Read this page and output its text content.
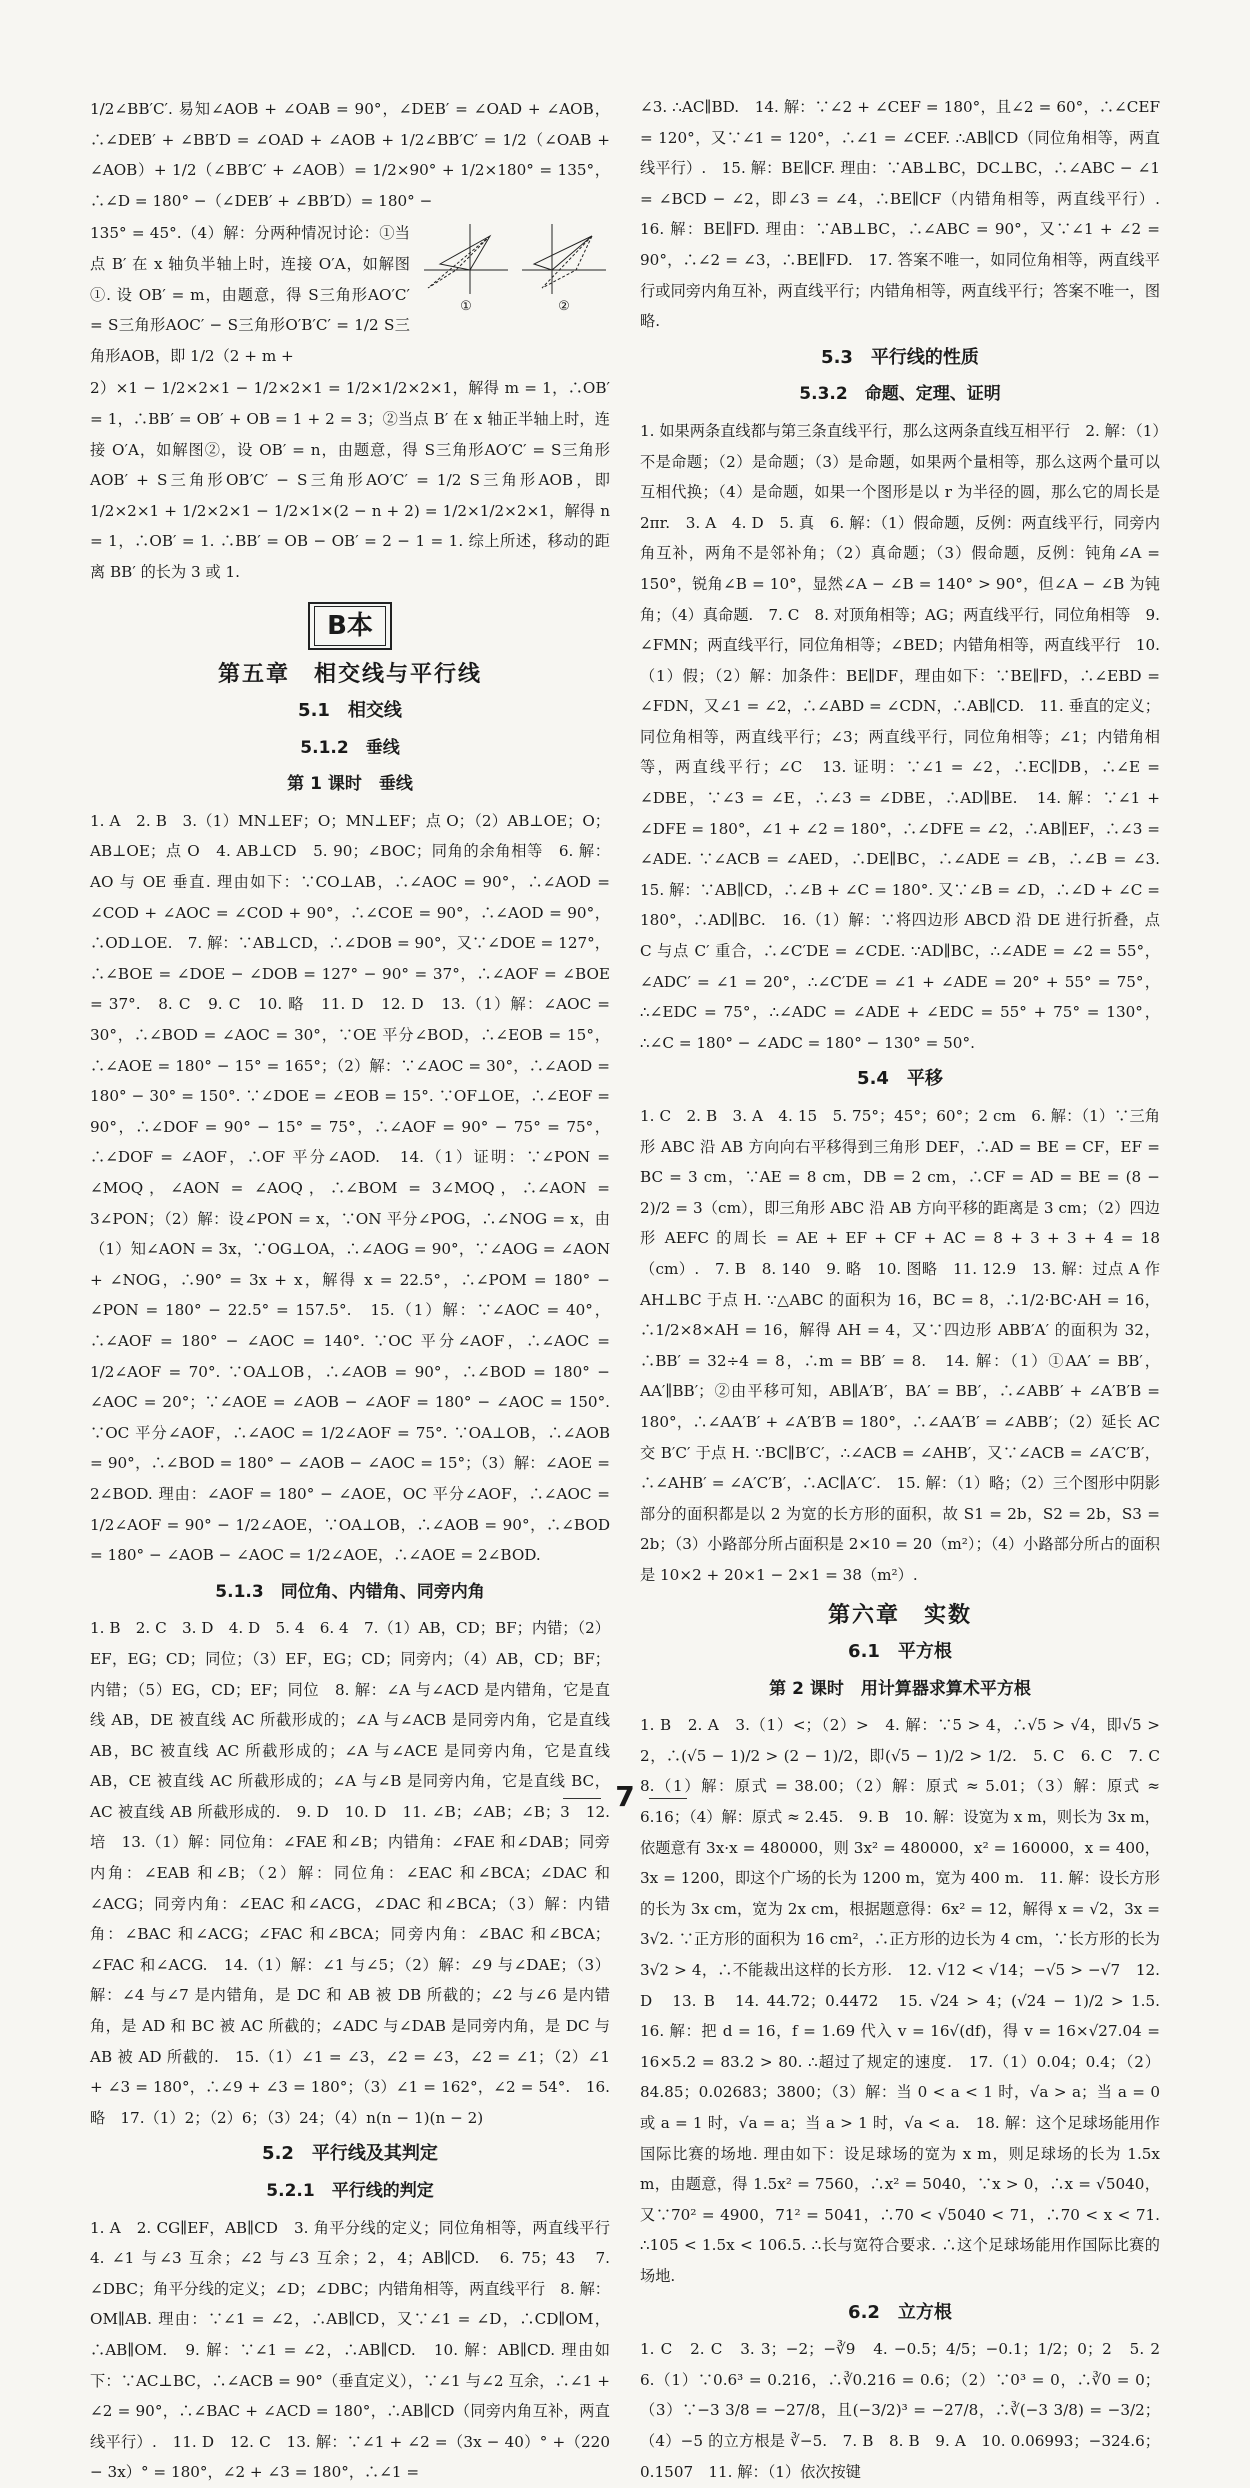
1/2∠BB′C′. 易知∠AOB + ∠OAB = 90°，∠DEB′ = ∠OAD + ∠AOB，∴∠DEB′ + ∠BB′D = ∠OAD + ∠AOB + 1/2∠BB′C′ = 1/2（∠OAB + ∠AOB）+ 1/2（∠BB′C′ + ∠AOB）= 1/2×90° + 1/2×180° = 135°，∴∠D = 180° −（∠DEB′ + ∠BB′D）= 180° −

135° = 45°.（4）解：分两种情况讨论：①当点 B′ 在 x 轴负半轴上时，连接 O′A，如解图①. 设 OB′ = m，由题意，得 S三角形AO′C′ = S三角形AOC′ − S三角形O′B′C′ = 1/2 S三角形AOB，即 1/2（2 + m +

①	②

2）×1 − 1/2×2×1 − 1/2×2×1 = 1/2×1/2×2×1，解得 m = 1，∴OB′ = 1，∴BB′ = OB′ + OB = 1 + 2 = 3；②当点 B′ 在 x 轴正半轴上时，连接 O′A，如解图②，设 OB′ = n，由题意，得 S三角形AO′C′ = S三角形AOB′ + S三角形OB′C′ − S三角形AO′C′ = 1/2 S三角形AOB，即 1/2×2×1 + 1/2×2×1 − 1/2×1×(2 − n + 2) = 1/2×1/2×2×1，解得 n = 1，∴OB′ = 1. ∴BB′ = OB − OB′ = 2 − 1 = 1. 综上所述，移动的距离 BB′ 的长为 3 或 1.

B本
第五章　相交线与平行线
5.1　相交线
5.1.2　垂线
第 1 课时　垂线

1. A　2. B　3.（1）MN⊥EF；O；MN⊥EF；点 O；（2）AB⊥OE；O；AB⊥OE；点 O　4. AB⊥CD　5. 90；∠BOC；同角的余角相等　6. 解：AO 与 OE 垂直. 理由如下：∵CO⊥AB，∴∠AOC = 90°，∴∠AOD = ∠COD + ∠AOC = ∠COD + 90°，∴∠COE = 90°，∴∠AOD = 90°，∴OD⊥OE.　7. 解：∵AB⊥CD，∴∠DOB = 90°，又∵∠DOE = 127°，∴∠BOE = ∠DOE − ∠DOB = 127° − 90° = 37°，∴∠AOF = ∠BOE = 37°.　8. C　9. C　10. 略　11. D　12. D　13.（1）解：∠AOC = 30°，∴∠BOD = ∠AOC = 30°，∵OE 平分∠BOD，∴∠EOB = 15°，∴∠AOE = 180° − 15° = 165°；（2）解：∵∠AOC = 30°，∴∠AOD = 180° − 30° = 150°. ∵∠DOE = ∠EOB = 15°. ∵OF⊥OE，∴∠EOF = 90°，∴∠DOF = 90° − 15° = 75°，∴∠AOF = 90° − 75° = 75°，∴∠DOF = ∠AOF，∴OF 平分∠AOD.　14.（1）证明：∵∠PON = ∠MOQ，∠AON = ∠AOQ，∴∠BOM = 3∠MOQ，∴∠AON = 3∠PON；（2）解：设∠PON = x，∵ON 平分∠POG，∴∠NOG = x，由（1）知∠AON = 3x，∵OG⊥OA，∴∠AOG = 90°，∵∠AOG = ∠AON + ∠NOG，∴90° = 3x + x，解得 x = 22.5°，∴∠POM = 180° − ∠PON = 180° − 22.5° = 157.5°.　15.（1）解：∵∠AOC = 40°，∴∠AOF = 180° − ∠AOC = 140°. ∵OC 平分∠AOF，∴∠AOC = 1/2∠AOF = 70°. ∵OA⊥OB，∴∠AOB = 90°，∴∠BOD = 180° − ∠AOC = 20°；∵∠AOE = ∠AOB − ∠AOF = 180° − ∠AOC = 150°. ∵OC 平分∠AOF，∴∠AOC = 1/2∠AOF = 75°. ∵OA⊥OB，∴∠AOB = 90°，∴∠BOD = 180° − ∠AOB − ∠AOC = 15°；（3）解：∠AOE = 2∠BOD. 理由：∠AOF = 180° − ∠AOE，OC 平分∠AOF，∴∠AOC = 1/2∠AOF = 90° − 1/2∠AOE，∵OA⊥OB，∴∠AOB = 90°，∴∠BOD = 180° − ∠AOB − ∠AOC = 1/2∠AOE，∴∠AOE = 2∠BOD.

5.1.3　同位角、内错角、同旁内角

1. B　2. C　3. D　4. D　5. 4　6. 4　7.（1）AB，CD；BF；内错；（2）EF，EG；CD；同位；（3）EF，EG；CD；同旁内；（4）AB，CD；BF；内错；（5）EG，CD；EF；同位　8. 解：∠A 与∠ACD 是内错角，它是直线 AB，DE 被直线 AC 所截形成的；∠A 与∠ACB 是同旁内角，它是直线 AB，BC 被直线 AC 所截形成的；∠A 与∠ACE 是同旁内角，它是直线 AB，CE 被直线 AC 所截形成的；∠A 与∠B 是同旁内角，它是直线 BC，AC 被直线 AB 所截形成的.　9. D　10. D　11. ∠B；∠AB；∠B；3　12. 培　13.（1）解：同位角：∠FAE 和∠B；内错角：∠FAE 和∠DAB；同旁内角：∠EAB 和∠B；（2）解：同位角：∠EAC 和∠BCA；∠DAC 和∠ACG；同旁内角：∠EAC 和∠ACG，∠DAC 和∠BCA；（3）解：内错角：∠BAC 和∠ACG；∠FAC 和∠BCA；同旁内角：∠BAC 和∠BCA；∠FAC 和∠ACG.　14.（1）解：∠1 与∠5；（2）解：∠9 与∠DAE；（3）解：∠4 与∠7 是内错角，是 DC 和 AB 被 DB 所截的；∠2 与∠6 是内错角，是 AD 和 BC 被 AC 所截的；∠ADC 与∠DAB 是同旁内角，是 DC 与 AB 被 AD 所截的.　15.（1）∠1 = ∠3，∠2 = ∠3，∠2 = ∠1；（2）∠1 + ∠3 = 180°，∴∠9 + ∠3 = 180°；（3）∠1 = 162°，∠2 = 54°.　16. 略　17.（1）2；（2）6；（3）24；（4）n(n − 1)(n − 2)

5.2　平行线及其判定
5.2.1　平行线的判定

1. A　2. CG∥EF，AB∥CD　3. 角平分线的定义；同位角相等，两直线平行　4. ∠1 与∠3 互余；∠2 与∠3 互余；2，4；AB∥CD.　6. 75；43　7. ∠DBC；角平分线的定义；∠D；∠DBC；内错角相等，两直线平行　8. 解：OM∥AB. 理由：∵∠1 = ∠2，∴AB∥CD，又∵∠1 = ∠D，∴CD∥OM，∴AB∥OM.　9. 解：∵∠1 = ∠2，∴AB∥CD.　10. 解：AB∥CD. 理由如下：∵AC⊥BC，∴∠ACB = 90°（垂直定义），∵∠1 与∠2 互余，∴∠1 + ∠2 = 90°，∴∠BAC + ∠ACD = 180°，∴AB∥CD（同旁内角互补，两直线平行）.　11. D　12. C　13. 解：∵∠1 + ∠2 =（3x − 40）° +（220 − 3x）° = 180°，∠2 + ∠3 = 180°，∴∠1 =

∠3. ∴AC∥BD.　14. 解：∵∠2 + ∠CEF = 180°，且∠2 = 60°，∴∠CEF = 120°，又∵∠1 = 120°，∴∠1 = ∠CEF. ∴AB∥CD（同位角相等，两直线平行）.　15. 解：BE∥CF. 理由：∵AB⊥BC，DC⊥BC，∴∠ABC − ∠1 = ∠BCD − ∠2，即∠3 = ∠4，∴BE∥CF（内错角相等，两直线平行）.　16. 解：BE∥FD. 理由：∵AB⊥BC，∴∠ABC = 90°，又∵∠1 + ∠2 = 90°，∴∠2 = ∠3，∴BE∥FD.　17. 答案不唯一，如同位角相等，两直线平行或同旁内角互补，两直线平行；内错角相等，两直线平行；答案不唯一，图略.

5.3　平行线的性质
5.3.2　命题、定理、证明

1. 如果两条直线都与第三条直线平行，那么这两条直线互相平行　2. 解：（1）不是命题；（2）是命题；（3）是命题，如果两个量相等，那么这两个量可以互相代换；（4）是命题，如果一个图形是以 r 为半径的圆，那么它的周长是 2πr.　3. A　4. D　5. 真　6. 解：（1）假命题，反例：两直线平行，同旁内角互补，两角不是邻补角；（2）真命题；（3）假命题，反例：钝角∠A = 150°，锐角∠B = 10°，显然∠A − ∠B = 140° > 90°，但∠A − ∠B 为钝角；（4）真命题.　7. C　8. 对顶角相等；AG；两直线平行，同位角相等　9. ∠FMN；两直线平行，同位角相等；∠BED；内错角相等，两直线平行　10.（1）假；（2）解：加条件：BE∥DF，理由如下：∵BE∥FD，∴∠EBD = ∠FDN，又∠1 = ∠2，∴∠ABD = ∠CDN，∴AB∥CD.　11. 垂直的定义；同位角相等，两直线平行；∠3；两直线平行，同位角相等；∠1；内错角相等，两直线平行；∠C　13. 证明：∵∠1 = ∠2，∴EC∥DB，∴∠E = ∠DBE，∵∠3 = ∠E，∴∠3 = ∠DBE，∴AD∥BE.　14. 解：∵∠1 + ∠DFE = 180°，∠1 + ∠2 = 180°，∴∠DFE = ∠2，∴AB∥EF，∴∠3 = ∠ADE. ∵∠ACB = ∠AED，∴DE∥BC，∴∠ADE = ∠B，∴∠B = ∠3.　15. 解：∵AB∥CD，∴∠B + ∠C = 180°. 又∵∠B = ∠D，∴∠D + ∠C = 180°，∴AD∥BC.　16.（1）解：∵将四边形 ABCD 沿 DE 进行折叠，点 C 与点 C′ 重合，∴∠C′DE = ∠CDE. ∵AD∥BC，∴∠ADE = ∠2 = 55°，∠ADC′ = ∠1 = 20°，∴∠C′DE = ∠1 + ∠ADE = 20° + 55° = 75°，∴∠EDC = 75°，∴∠ADC = ∠ADE + ∠EDC = 55° + 75° = 130°，∴∠C = 180° − ∠ADC = 180° − 130° = 50°.

5.4　平移

1. C　2. B　3. A　4. 15　5. 75°；45°；60°；2 cm　6. 解：（1）∵三角形 ABC 沿 AB 方向向右平移得到三角形 DEF，∴AD = BE = CF，EF = BC = 3 cm，∵AE = 8 cm，DB = 2 cm，∴CF = AD = BE = (8 − 2)/2 = 3（cm），即三角形 ABC 沿 AB 方向平移的距离是 3 cm；（2）四边形 AEFC 的周长 = AE + EF + CF + AC = 8 + 3 + 3 + 4 = 18（cm）.　7. B　8. 140　9. 略　10. 图略　11. 12.9　13. 解：过点 A 作 AH⊥BC 于点 H. ∵△ABC 的面积为 16，BC = 8，∴1/2·BC·AH = 16，∴1/2×8×AH = 16，解得 AH = 4，又∵四边形 ABB′A′ 的面积为 32，∴BB′ = 32÷4 = 8，∴m = BB′ = 8.　14. 解：（1）①AA′ = BB′，AA′∥BB′；②由平移可知，AB∥A′B′，BA′ = BB′，∴∠ABB′ + ∠A′B′B = 180°，∴∠AA′B′ + ∠A′B′B = 180°，∴∠AA′B′ = ∠ABB′；（2）延长 AC 交 B′C′ 于点 H. ∵BC∥B′C′，∴∠ACB = ∠AHB′，又∵∠ACB = ∠A′C′B′，∴∠AHB′ = ∠A′C′B′，∴AC∥A′C′.　15. 解：（1）略；（2）三个图形中阴影部分的面积都是以 2 为宽的长方形的面积，故 S1 = 2b，S2 = 2b，S3 = 2b；（3）小路部分所占面积是 2×10 = 20（m²）；（4）小路部分所占的面积是 10×2 + 20×1 − 2×1 = 38（m²）.

第六章　实数
6.1　平方根
第 2 课时　用计算器求算术平方根

1. B　2. A　3.（1）<；（2）>　4. 解：∵5 > 4，∴√5 > √4，即√5 > 2，∴(√5 − 1)/2 > (2 − 1)/2，即(√5 − 1)/2 > 1/2.　5. C　6. C　7. C　8.（1）解：原式 = 38.00；（2）解：原式 ≈ 5.01；（3）解：原式 ≈ 6.16；（4）解：原式 ≈ 2.45.　9. B　10. 解：设宽为 x m，则长为 3x m，依题意有 3x·x = 480000，则 3x² = 480000，x² = 160000，x = 400，3x = 1200，即这个广场的长为 1200 m，宽为 400 m.　11. 解：设长方形的长为 3x cm，宽为 2x cm，根据题意得：6x² = 12，解得 x = √2，3x = 3√2. ∵正方形的面积为 16 cm²，∴正方形的边长为 4 cm，∵长方形的长为 3√2 > 4，∴不能裁出这样的长方形.　12. √12 < √14；−√5 > −√7　12. D　13. B　14. 44.72；0.4472　15. √24 > 4；(√24 − 1)/2 > 1.5.　16. 解：把 d = 16，f = 1.69 代入 v = 16√(df)，得 v = 16×√27.04 = 16×5.2 = 83.2 > 80. ∴超过了规定的速度.　17.（1）0.04；0.4；（2）84.85；0.02683；3800；（3）解：当 0 < a < 1 时，√a > a；当 a = 0 或 a = 1 时，√a = a；当 a > 1 时，√a < a.　18. 解：这个足球场能用作国际比赛的场地. 理由如下：设足球场的宽为 x m，则足球场的长为 1.5x m，由题意，得 1.5x² = 7560，∴x² = 5040，∵x > 0，∴x = √5040，又∵70² = 4900，71² = 5041，∴70 < √5040 < 71，∴70 < x < 71. ∴105 < 1.5x < 106.5. ∴长与宽符合要求. ∴这个足球场能用作国际比赛的场地.

6.2　立方根

1. C　2. C　3. 3；−2；−∛9　4. −0.5；4/5；−0.1；1/2；0；2　5. 2　6.（1）∵0.6³ = 0.216，∴∛0.216 = 0.6；（2）∵0³ = 0，∴∛0 = 0；（3）∵−3 3/8 = −27/8，且(−3/2)³ = −27/8，∴∛(−3 3/8) = −3/2；（4）−5 的立方根是 ∛−5.　7. B　8. B　9. A　10. 0.06993；−324.6；0.1507　11. 解：（1）依次按键

7
